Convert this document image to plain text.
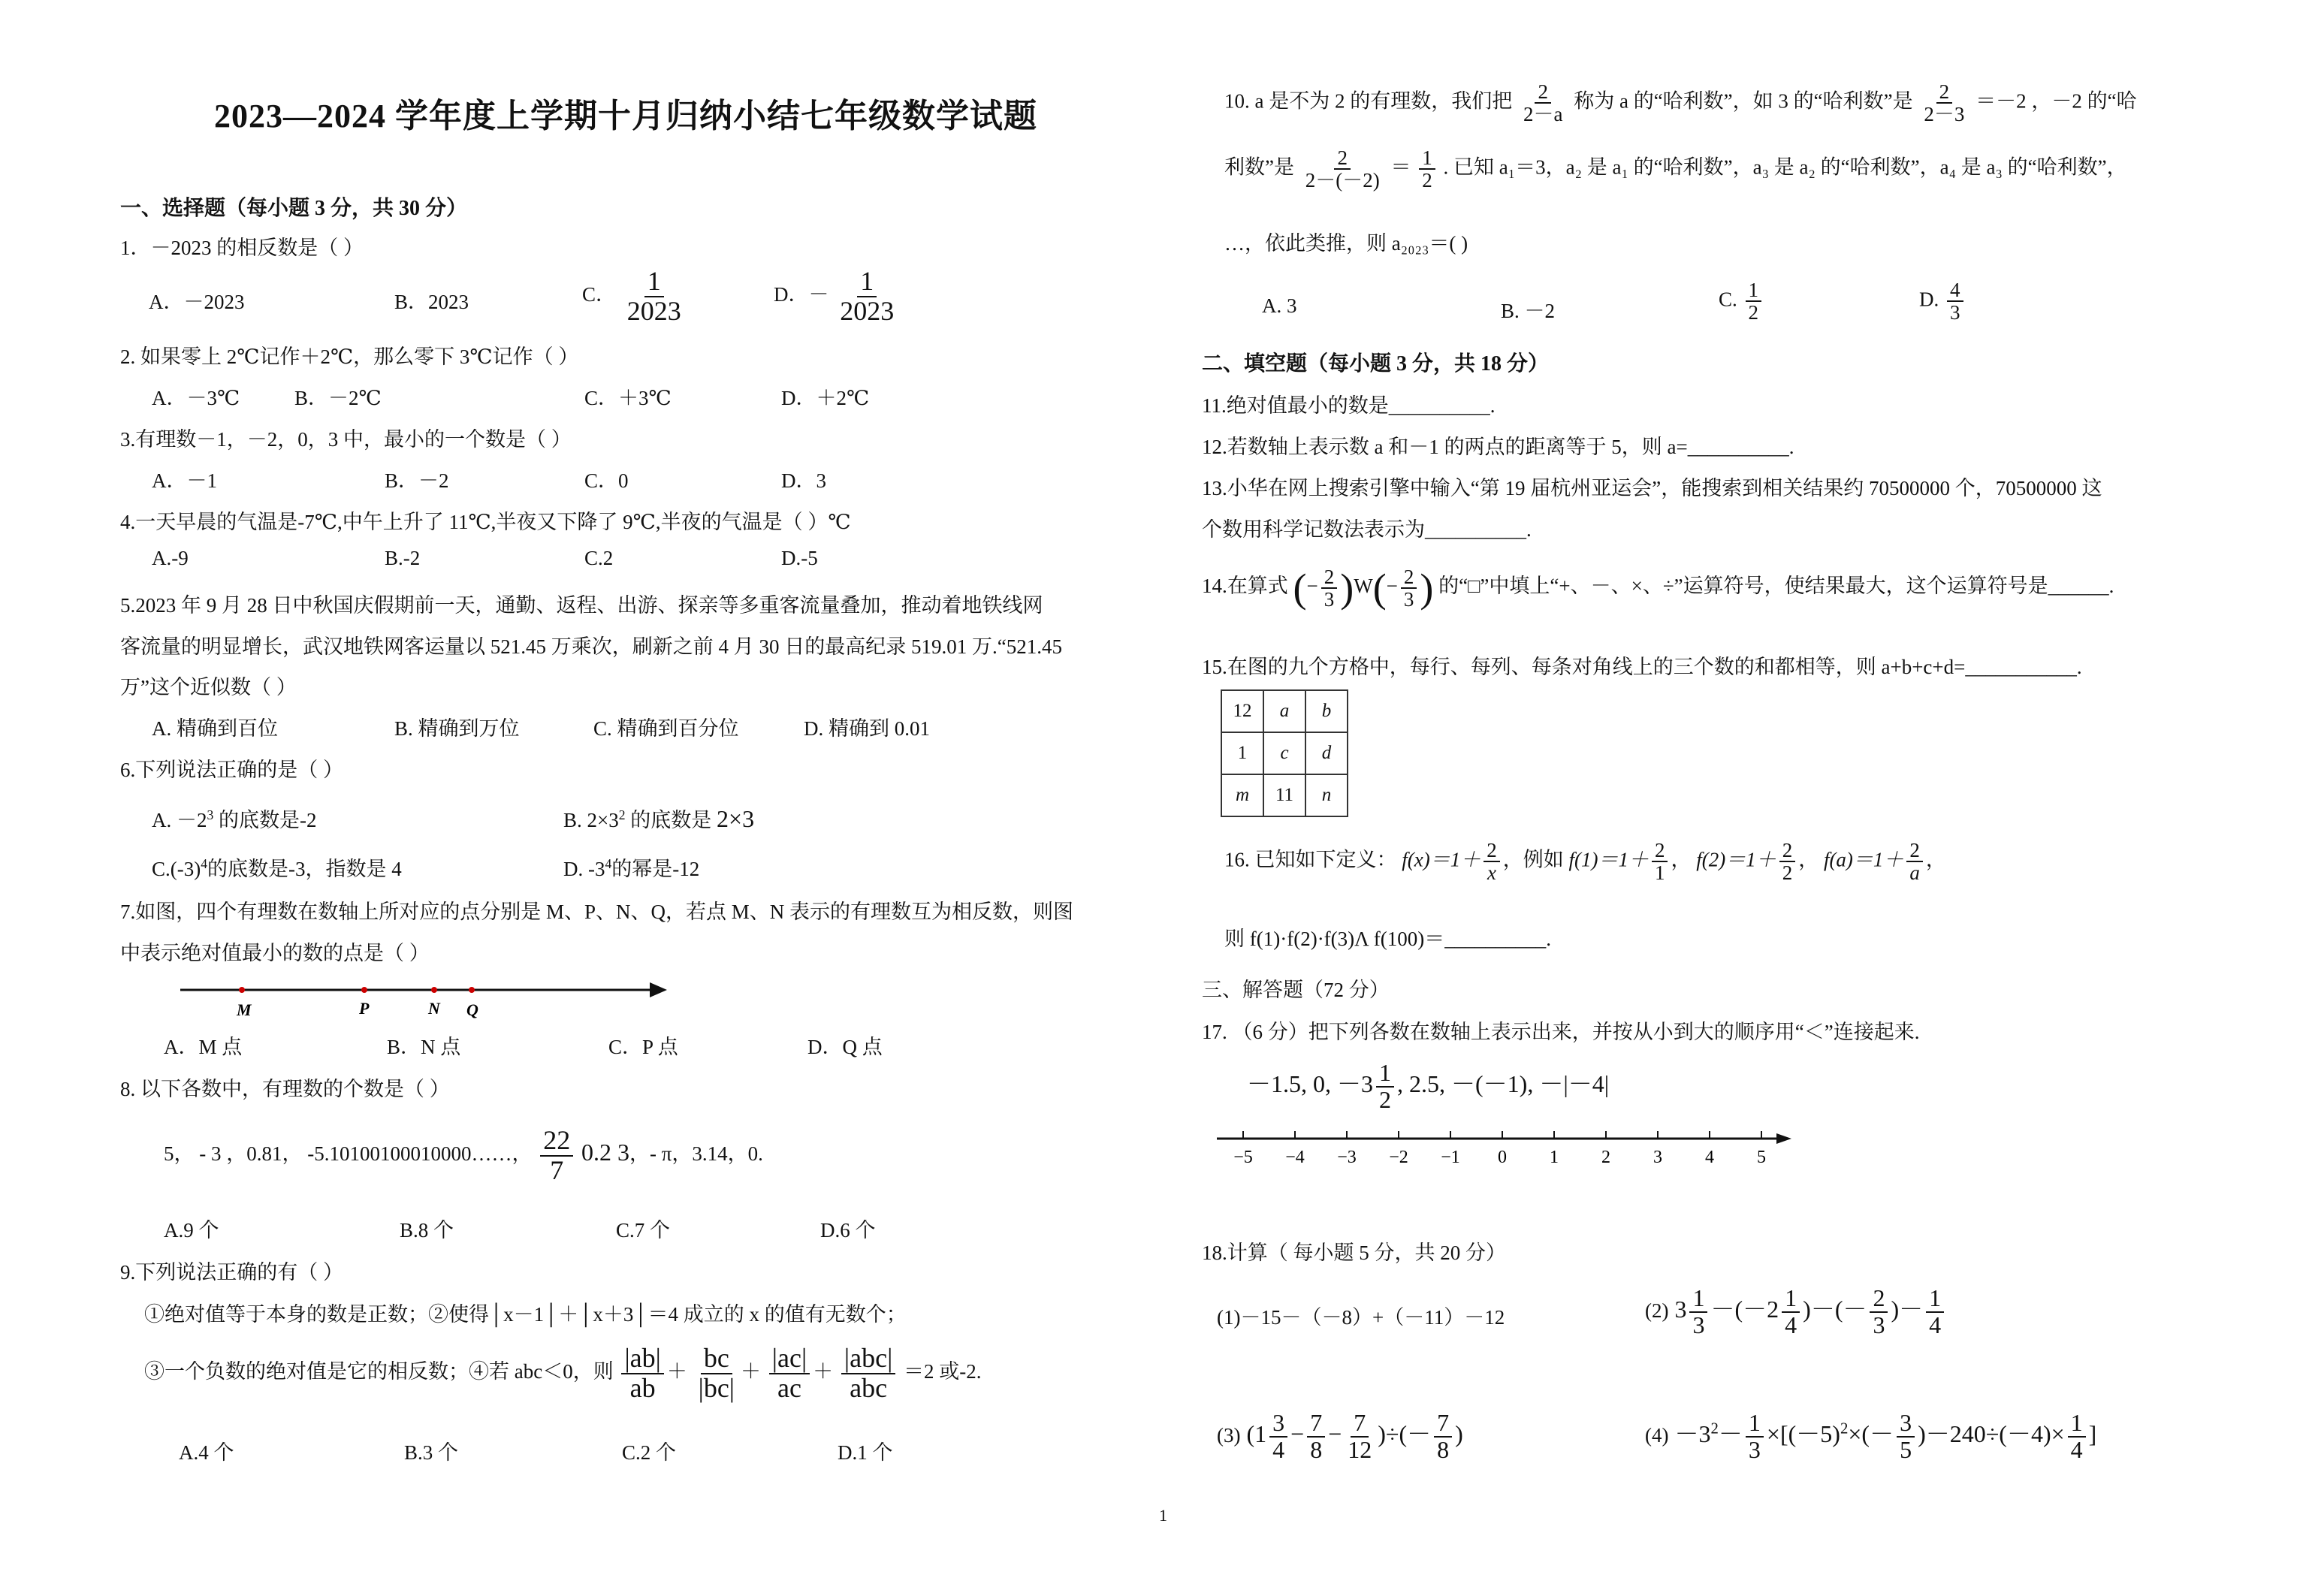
2023—2024 学年度上学期十月归纳小结七年级数学试题
一、选择题（每小题 3 分，共 30 分）
1．－2023 的相反数是（ ）
A．－2023	B．2023	C． $\frac{1}{2023}$	D．－ $\frac{1}{2023}$
2. 如果零上 2℃记作＋2℃，那么零下 3℃记作（ ）
A．－3℃	B．－2℃	C．＋3℃	D．＋2℃
3.有理数－1，－2，0，3 中，最小的一个数是（ ）
A．－1	B．－2	C．0	D．3
4.一天早晨的气温是-7℃,中午上升了 11℃,半夜又下降了 9℃,半夜的气温是（ ）℃
A.-9	B.-2	C.2	D.-5
5.2023 年 9 月 28 日中秋国庆假期前一天，通勤、返程、出游、探亲等多重客流量叠加，推动着地铁线网
客流量的明显增长，武汉地铁网客运量以 521.45 万乘次，刷新之前 4 月 30 日的最高纪录 519.01 万.“521.45
万”这个近似数（ ）
A. 精确到百位	B. 精确到万位	C. 精确到百分位	D. 精确到 0.01
6.下列说法正确的是（ ）
A. $-2^3$ 的底数是-2	B. $2\times 3^2$ 的底数是 2×3
$C.(-3)^4$的底数是-3，指数是 4	D. $-3^4$的幂是-12
7.如图，四个有理数在数轴上所对应的点分别是 M、P、N、Q，若点 M、N 表示的有理数互为相反数，则图
中表示绝对值最小的数的点是（ ）
M	P	N Q
A．M 点	B．N 点	C．P 点	D．Q 点
8. 以下各数中，有理数的个数是（ ）
5， - 3 ，0.81， -5.10100100010000……， $\frac{22}{7} 0.2$ 3，- π，3.14，0.
A.9 个	B.8 个	C.7 个	D.6 个
9.下列说法正确的有（ ）
①绝对值等于本身的数是正数；②使得│x－1│＋│x＋3│＝4 成立的 x 的值有无数个；
③一个负数的绝对值是它的相反数；④若 abc＜0，则 $\frac{|ab|}{ab} + \frac{bc}{|bc|} + \frac{|ac|}{ac} + \frac{\text{|abc|}}{\text{abc}} =2$ 或-2.
A.4 个	B.3 个	C.2 个	D.1 个
10. a 是不为 2 的有理数，我们把 $\frac{2}{2-a}$ 称为 a 的“哈利数”，如 3 的“哈利数”是 $\frac{2}{2-3} =-2$ ，－2 的“哈
利数”是 $\frac{2}{2-(-2)} = \frac{1}{2}$ . 已知 a₁＝3，a₂ 是 a₁ 的“哈利数”，a₃ 是 a₂ 的“哈利数”，a₄ 是 a₃ 的“哈利数”，
…，依此类推，则 a₂₀₂₃＝( )
A. 3	B. －2
C. $\frac{1}{2}$	D. $\frac{4}{3}$
二、填空题（每小题 3 分，共 18 分）
11.绝对值最小的数是__________.
12.若数轴上表示数 a 和－1 的两点的距离等于 5，则 a=__________.
13.小华在网上搜索引擎中输入“第 19 届杭州亚运会”，能搜索到相关结果约 70500000 个，70500000 这
个数用科学记数法表示为__________.
14.在算式 (− $\frac{2}{3} )W(- \frac{2}{3}$ ) 的“□”中填上“+、－、×、÷”运算符号，使结果最大，这个运算符号是______.
15.在图的九个方格中，每行、每列、每条对角线上的三个数的和都相等，则 a+b+c+d=___________.
12	a	b
1	c	d
m	11	n
16. 已知如下定义： $f(x)=1+ \frac{2}{x}$ ，例如 $f(1)=1+ \frac{2}{1}$ ， $f(2)=1+ \frac{2}{2}$ ， $f(a)=1+ \frac{2}{a}$ ，
则 f(1)·f(2)·f(3)Λ f(100)＝__________.
三、解答题（72 分）
17. （6 分）把下列各数在数轴上表示出来，并按从小到大的顺序用“＜”连接起来.
－1.5, 0, $-3 \frac{1}{2}$ , 2.5, －(－1), －|－4|
−5 −4 −3 −2 −1 0 1 2 3 4 5
18.计算（ 每小题 5 分，共 20 分）
(1)－15－（－8）+（－11）－12	(2) $3 \frac{1}{3} -(-2 \frac{1}{4}$ )－(－ $\frac{2}{3}$ )－ $\frac{1}{4}$
(3) ($1 \frac{3}{4} - \frac{7}{8} - \frac{7}{12}$ )÷(－ $\frac{7}{8}$ )	$(4) -3^2- \frac{1}{3} \times[(-5)^2\times(- \frac{3}{5} )-240\div(-4)\times \frac{1}{4}$ ]
1
